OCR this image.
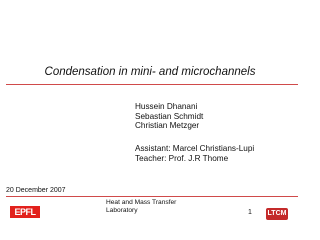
Condensation in mini- and microchannels
Hussein Dhanani
Sebastian Schmidt
Christian Metzger
Assistant: Marcel Christians-Lupi
Teacher: Prof. J.R Thome
20 December 2007
EPFL
Heat and Mass Transfer
Laboratory	1 LTCM
